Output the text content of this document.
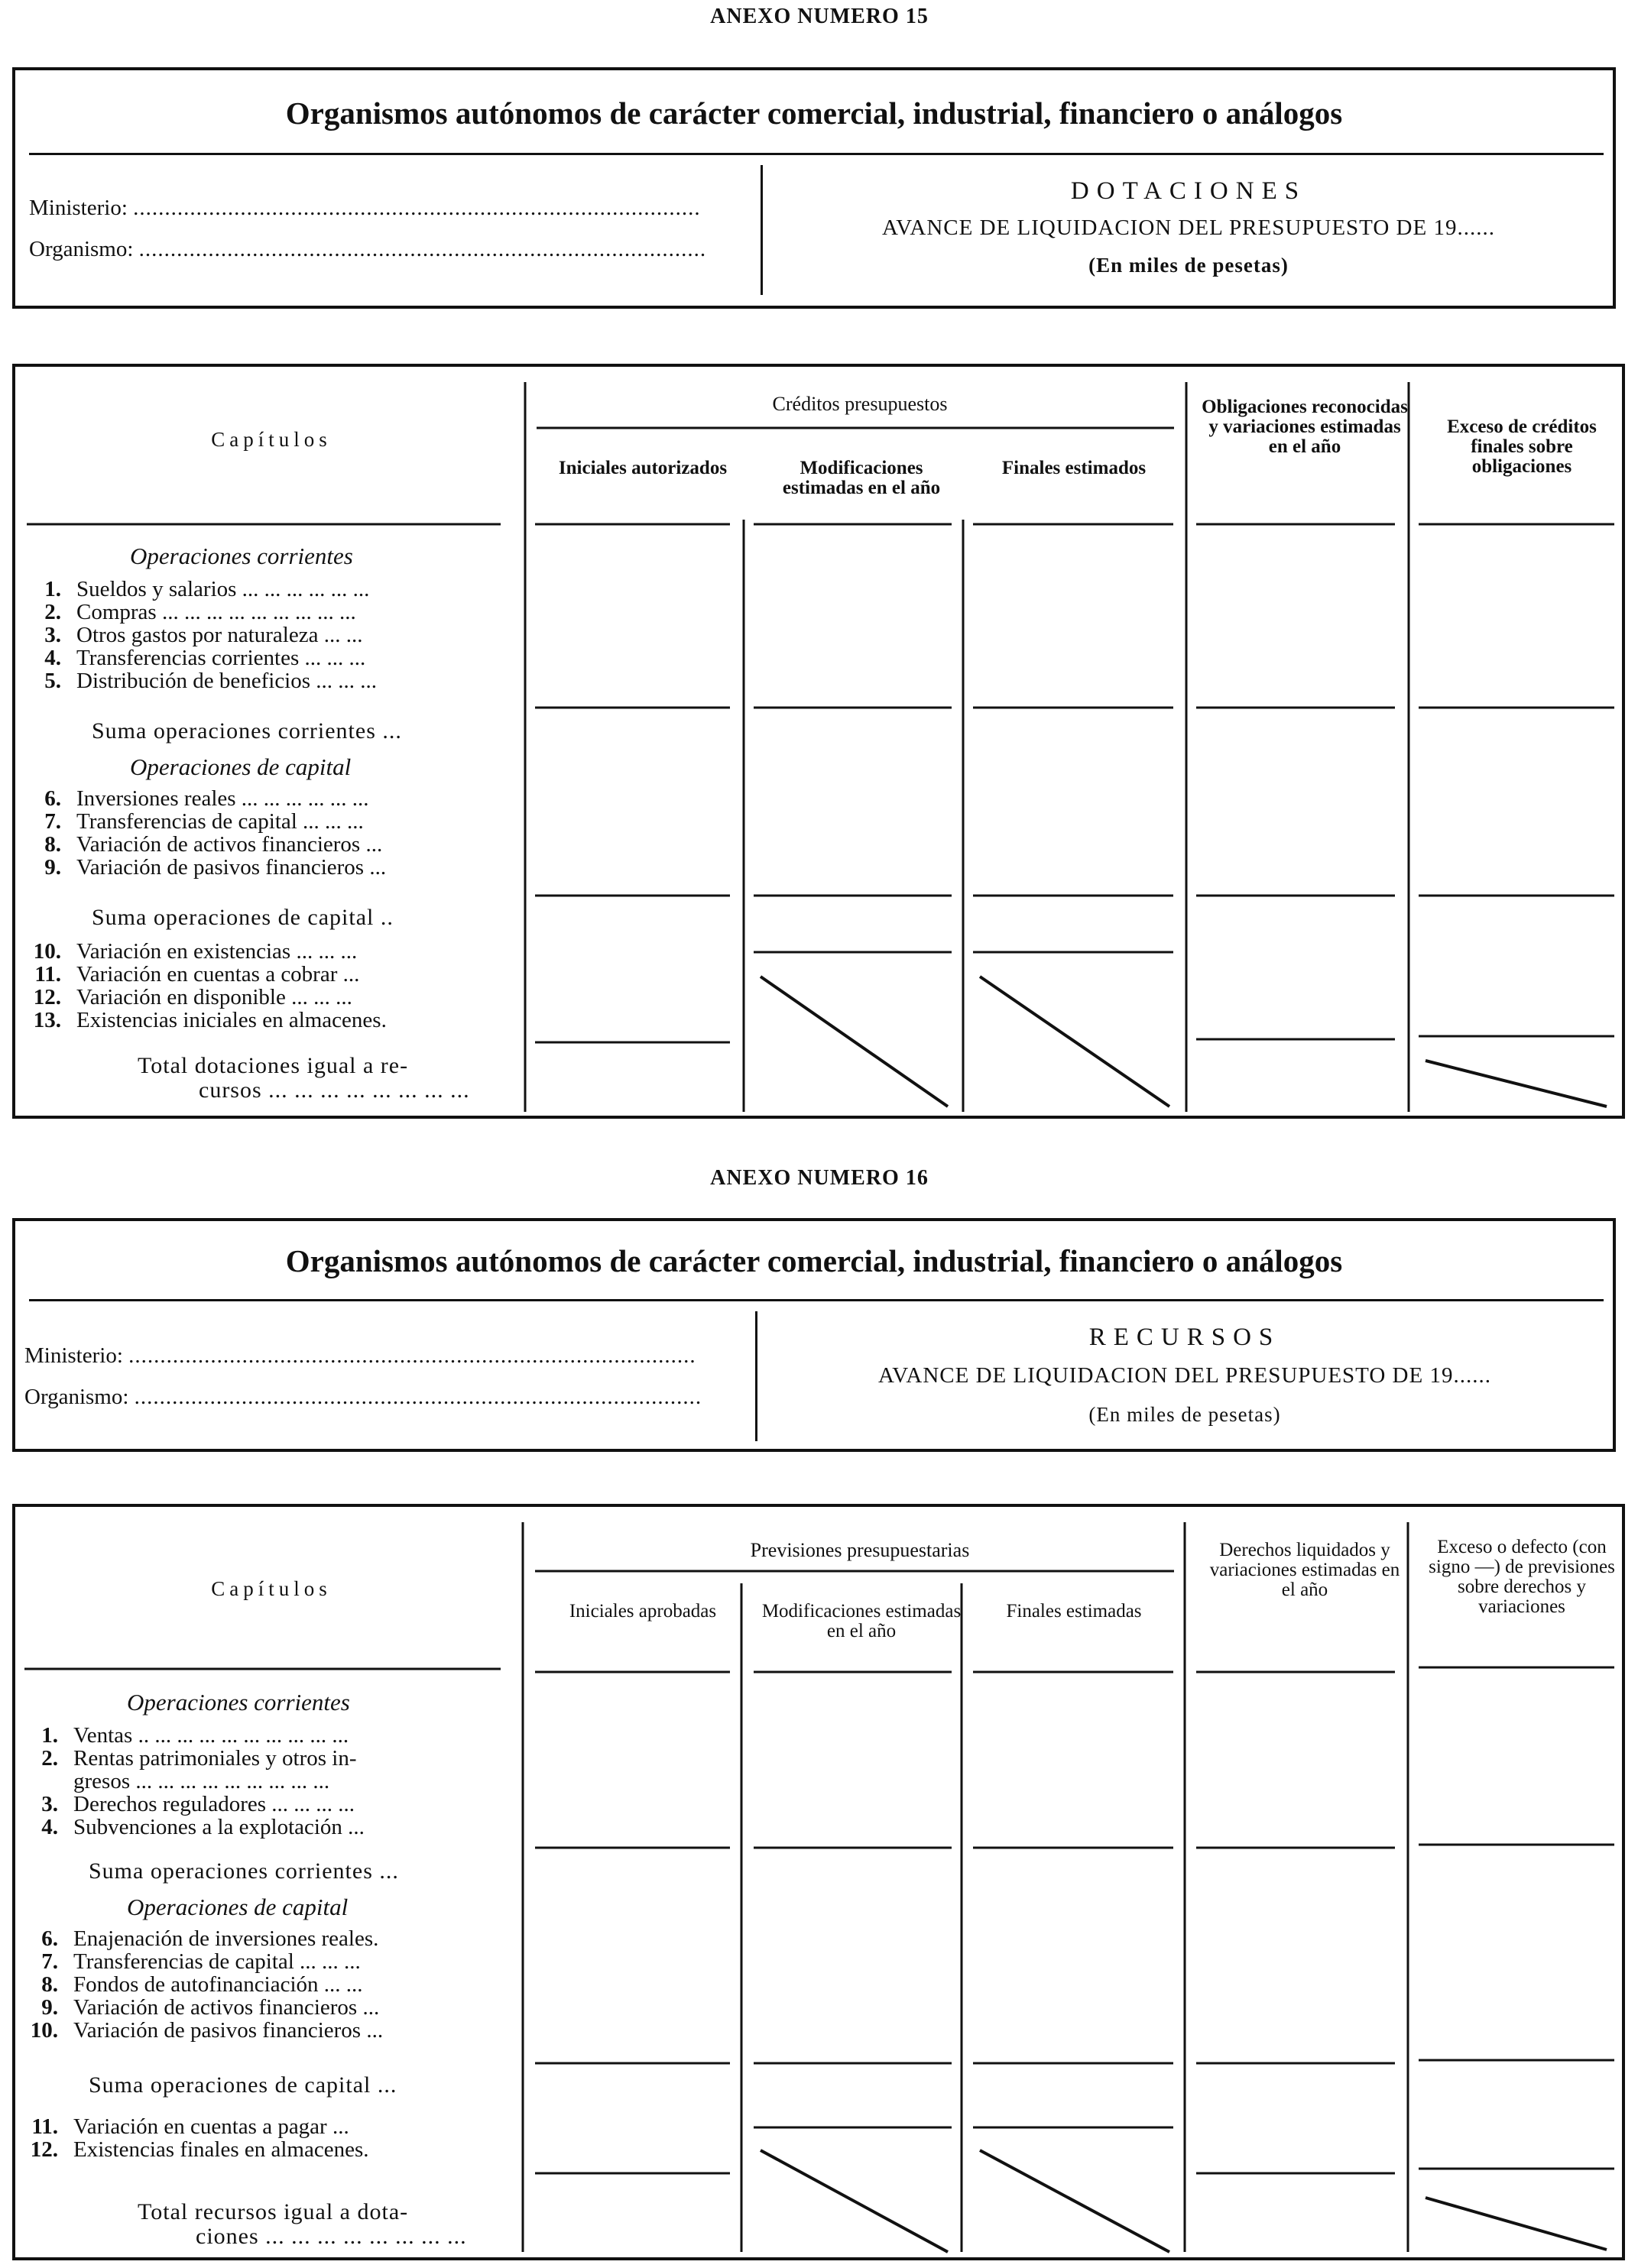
ANEXO NUMERO 15
Organismos autónomos de carácter comercial, industrial, financiero o análogos
Ministerio: ..........................................................................................
Organismo: ..........................................................................................
DOTACIONES
AVANCE DE LIQUIDACION DEL PRESUPUESTO DE 19......
(En miles de pesetas)
Capítulos
Créditos presupuestos
Iniciales autorizados	Modificaciones estimadas en el año
Finales estimados
Obligaciones reconocidas y variaciones estimadas en el año
Exceso de créditos finales sobre obligaciones
Operaciones corrientes
1. Sueldos y salarios ... ... ... ... ... ...
2. Compras ... ... ... ... ... ... ... ... ...
3. Otros gastos por naturaleza ... ...
4. Transferencias corrientes ... ... ...
5. Distribución de beneficios ... ... ...
Suma operaciones corrientes ...
Operaciones de capital
6. Inversiones reales ... ... ... ... ... ...
7. Transferencias de capital ... ... ...
8. Variación de activos financieros ...
9. Variación de pasivos financieros ...
Suma operaciones de capital ..
10. Variación en existencias ... ... ...
11. Variación en cuentas a cobrar ...
12. Variación en disponible ... ... ...
13. Existencias iniciales en almacenes.
Total dotaciones igual a re-
cursos ... ... ... ... ... ... ... ...
ANEXO NUMERO 16
Organismos autónomos de carácter comercial, industrial, financiero o análogos
Ministerio: ..........................................................................................
Organismo: ..........................................................................................
RECURSOS
AVANCE DE LIQUIDACION DEL PRESUPUESTO DE 19......
(En miles de pesetas)
Capítulos
Previsiones presupuestarias
Iniciales aprobadas	Modificaciones estimadas en el año
Finales estimadas
Derechos liquidados y variaciones estimadas en el año
Exceso o defecto (con signo —) de previsiones sobre derechos y variaciones
Operaciones corrientes
1. Ventas .. ... ... ... ... ... ... ... ... ...
2. Rentas patrimoniales y otros in-
gresos ... ... ... ... ... ... ... ... ...
3. Derechos reguladores ... ... ... ...
4. Subvenciones a la explotación ...
Suma operaciones corrientes ...
Operaciones de capital
6. Enajenación de inversiones reales.
7. Transferencias de capital ... ... ...
8. Fondos de autofinanciación ... ...
9. Variación de activos financieros ...
10. Variación de pasivos financieros ...
Suma operaciones de capital ...
11. Variación en cuentas a pagar ...
12. Existencias finales en almacenes.
Total recursos igual a dota-
ciones ... ... ... ... ... ... ... ...
